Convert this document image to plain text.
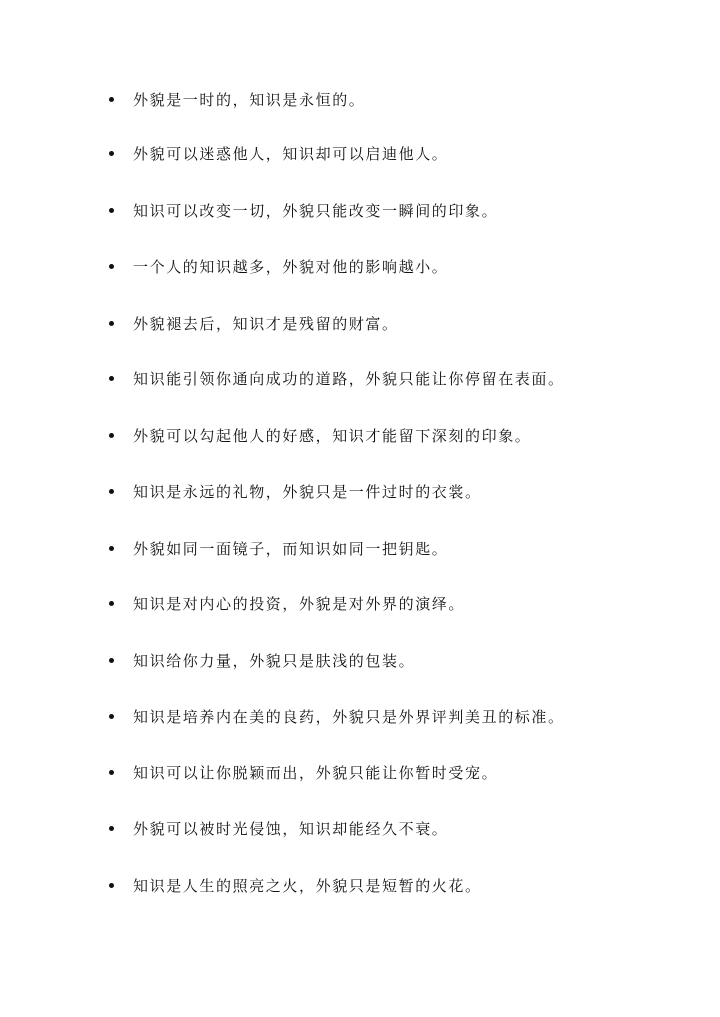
外貌是一时的，知识是永恒的。
外貌可以迷惑他人，知识却可以启迪他人。
知识可以改变一切，外貌只能改变一瞬间的印象。
一个人的知识越多，外貌对他的影响越小。
外貌褪去后，知识才是残留的财富。
知识能引领你通向成功的道路，外貌只能让你停留在表面。
外貌可以勾起他人的好感，知识才能留下深刻的印象。
知识是永远的礼物，外貌只是一件过时的衣裳。
外貌如同一面镜子，而知识如同一把钥匙。
知识是对内心的投资，外貌是对外界的演绎。
知识给你力量，外貌只是肤浅的包装。
知识是培养内在美的良药，外貌只是外界评判美丑的标准。
知识可以让你脱颖而出，外貌只能让你暂时受宠。
外貌可以被时光侵蚀，知识却能经久不衰。
知识是人生的照亮之火，外貌只是短暂的火花。
